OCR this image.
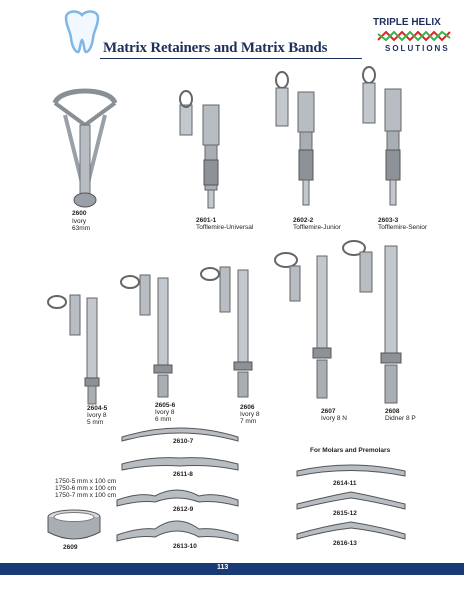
Matrix Retainers and Matrix Bands
TRIPLE HELIX
SOLUTIONS
2600
Ivory
63mm
2601-1
Tofflemire-Universal
2602-2
Tofflemire-Junior
2603-3
Tofflemire-Senior
2604-5
Ivory 8
5 mm
2605-6
Ivory 8
6 mm
2606
Ivory 8
7 mm
2607
Ivory 8 N
2608
Didner 8 P
2610-7
2611-8
2612-9
2613-10
For Molars and Premolars
2614-11
2615-12
2616-13
1750-5 mm x 100 cm
1750-6 mm x 100 cm
1750-7 mm x 100 cm
2609
113
